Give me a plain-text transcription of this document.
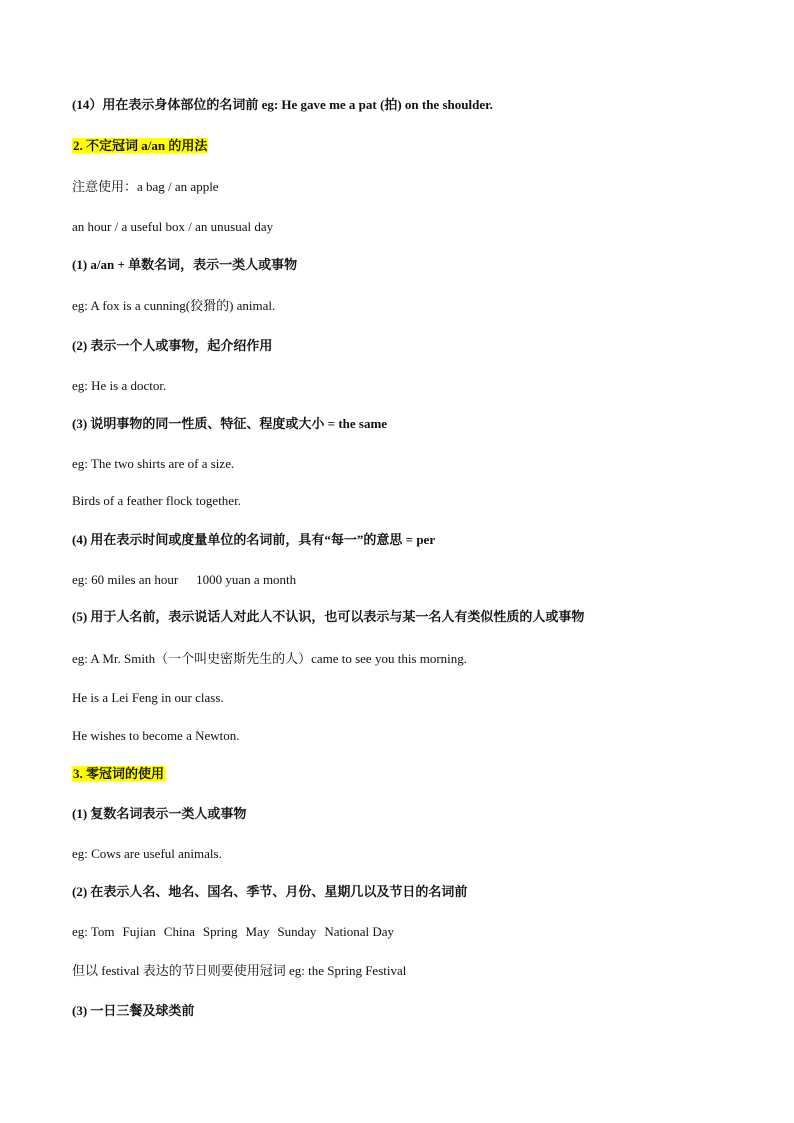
(14）用在表示身体部位的名词前 eg: He gave me a pat (拍) on the shoulder.
2. 不定冠词 a/an 的用法
注意使用：a bag / an apple
an hour / a useful box / an unusual day
(1) a/an + 单数名词，表示一类人或事物
eg: A fox is a cunning(狡猾的) animal.
(2) 表示一个人或事物，起介绍作用
eg: He is a doctor.
(3) 说明事物的同一性质、特征、程度或大小 = the same
eg: The two shirts are of a size.
Birds of a feather flock together.
(4) 用在表示时间或度量单位的名词前，具有“每一”的意思 = per
eg: 60 miles an hour 1000 yuan a month
(5) 用于人名前，表示说话人对此人不认识，也可以表示与某一名人有类似性质的人或事物
eg: A Mr. Smith（一个叫史密斯先生的人）came to see you this morning.
He is a Lei Feng in our class.
He wishes to become a Newton.
3. 零冠词的使用
(1) 复数名词表示一类人或事物
eg: Cows are useful animals.
(2) 在表示人名、地名、国名、季节、月份、星期几以及节日的名词前
eg: Tom Fujian China Spring May Sunday National Day
但以 festival 表达的节日则要使用冠词 eg: the Spring Festival
(3) 一日三餐及球类前
